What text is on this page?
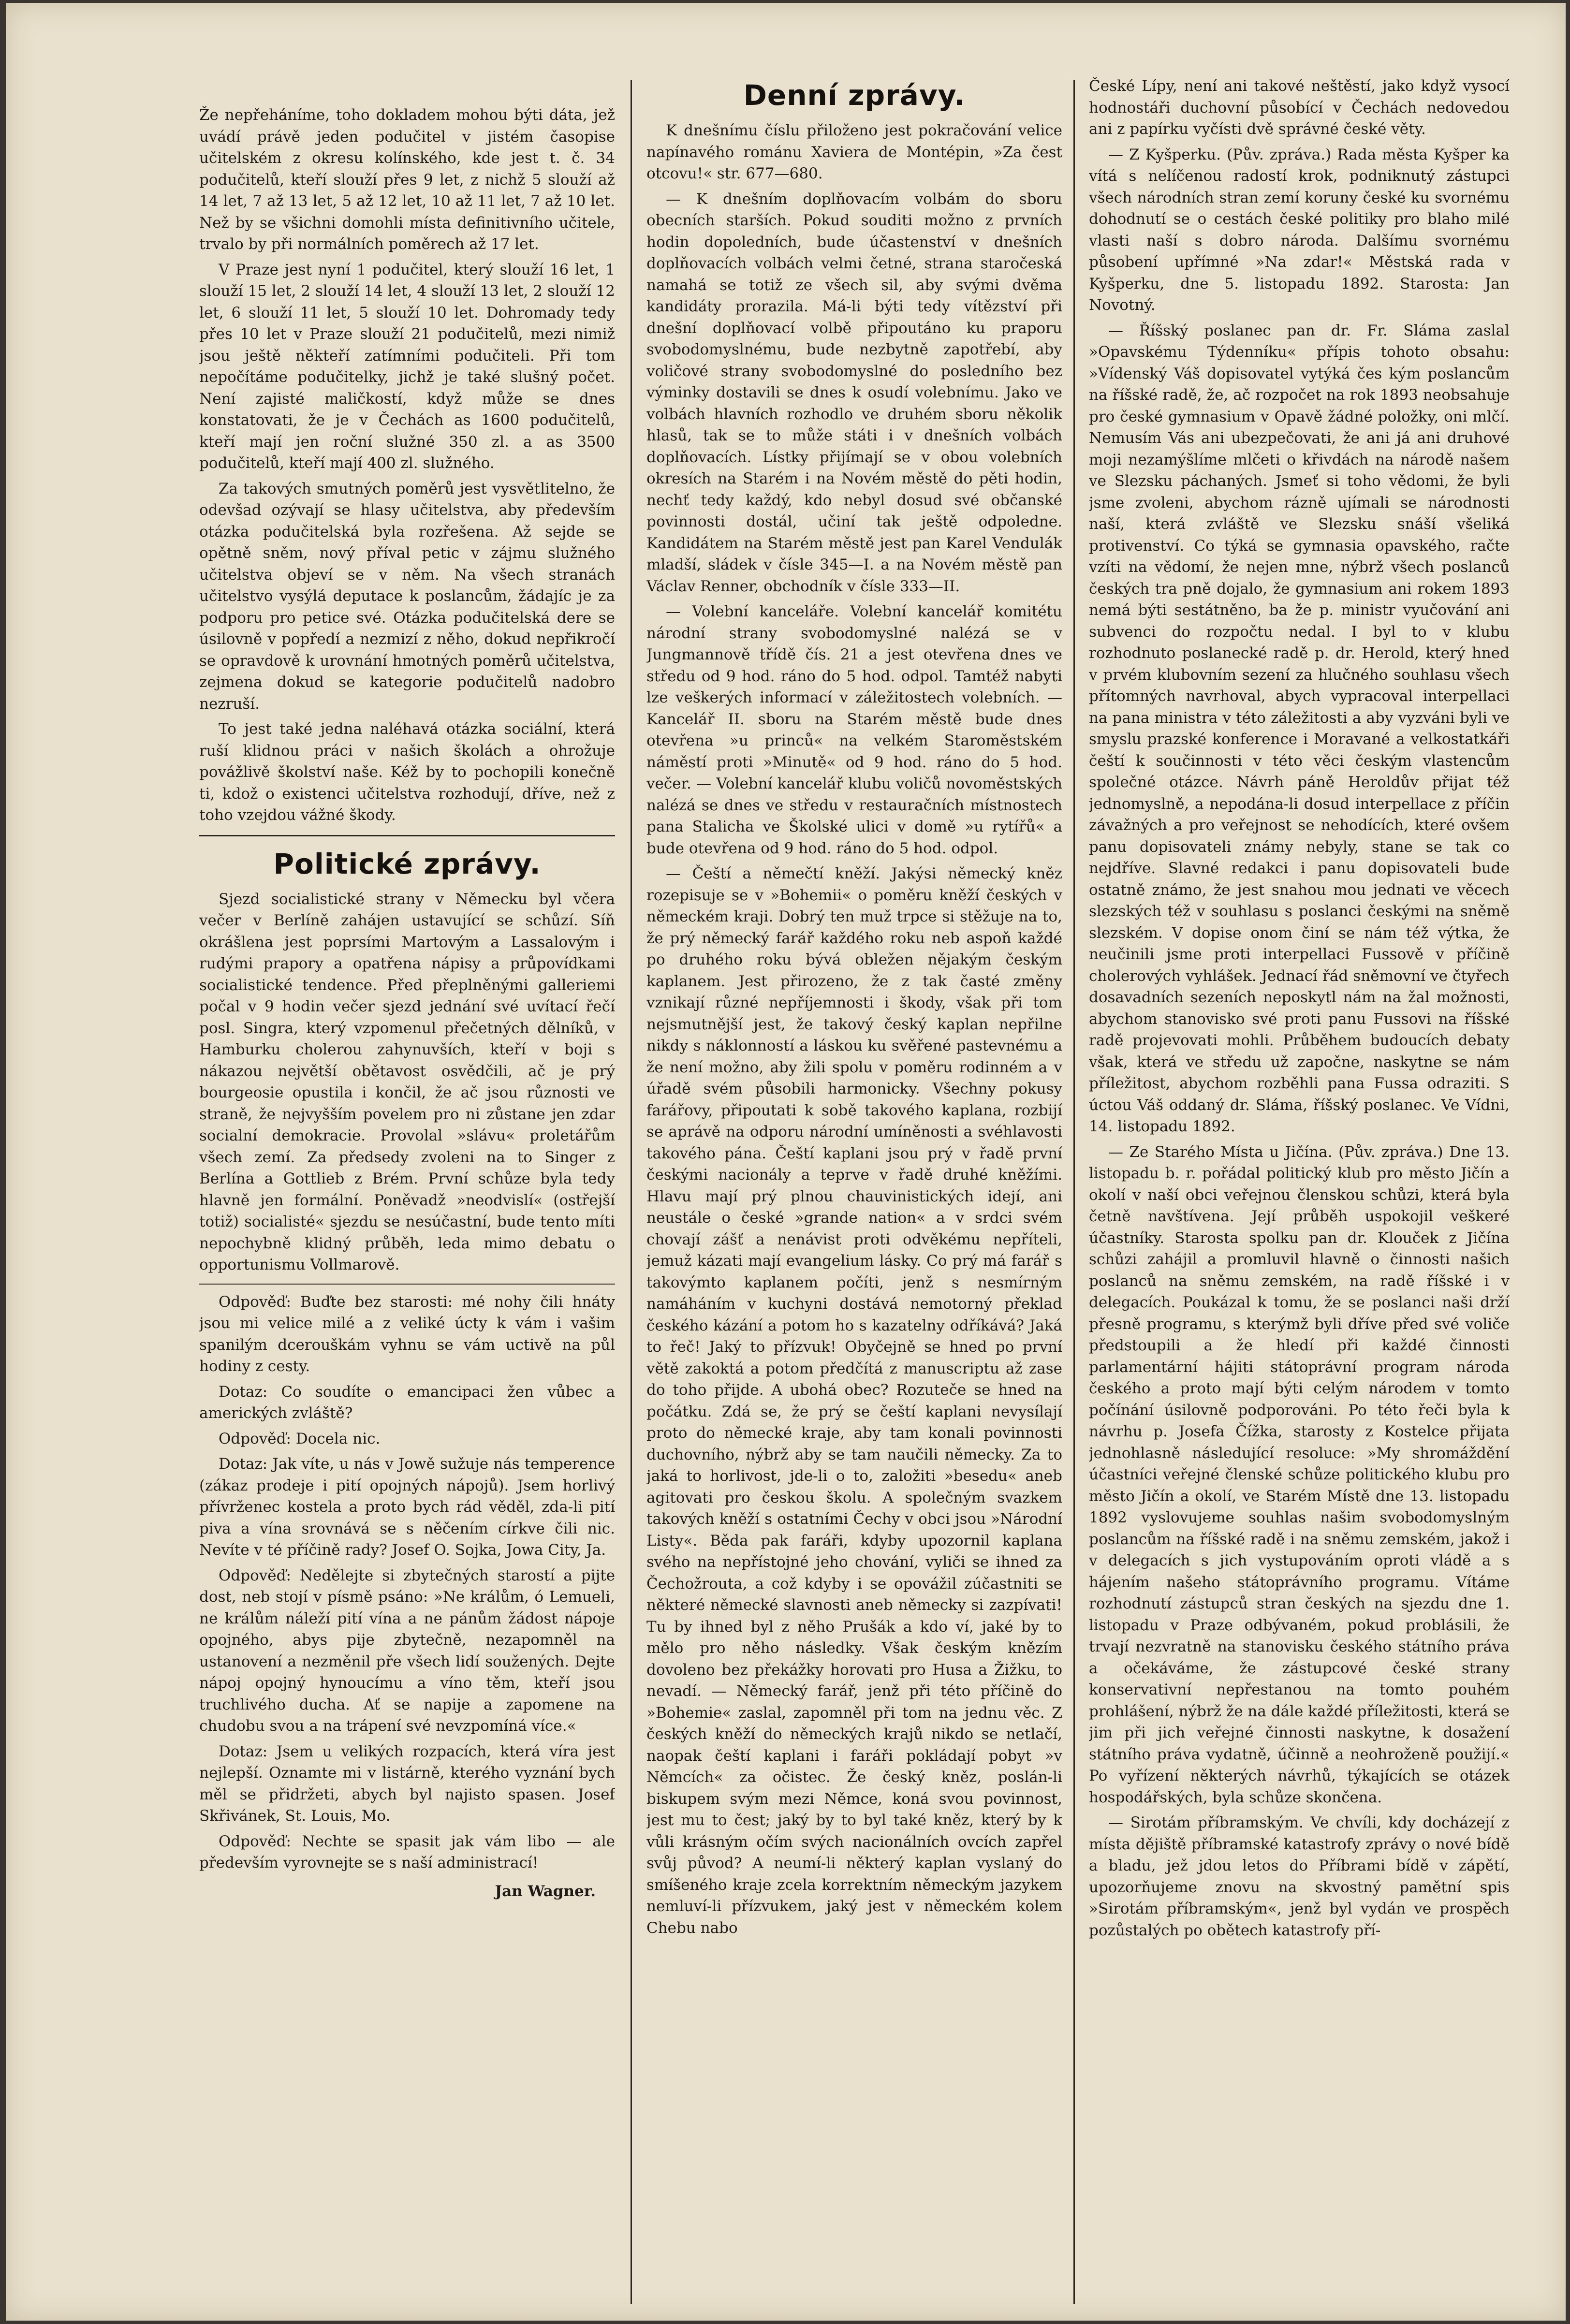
Že nepřeháníme, toho dokladem mohou býti dáta, jež uvádí právě jeden podučitel v jistém časopise učitelském z okresu kolínského, kde jest t. č. 34 podučitelů, kteří slouží přes 9 let, z nichž 5 slouží až 14 let, 7 až 13 let, 5 až 12 let, 10 až 11 let, 7 až 10 let. Než by se všichni domohli místa definitivního učitele, trvalo by při normálních poměrech až 17 let.

V Praze jest nyní 1 podučitel, který slouží 16 let, 1 slouží 15 let, 2 slouží 14 let, 4 slouží 13 let, 2 slouží 12 let, 6 slouží 11 let, 5 slouží 10 let. Dohromady tedy přes 10 let v Praze slouží 21 podučitelů, mezi nimiž jsou ještě někteří zatímními podučiteli. Při tom nepočítáme podučitelky, jichž je také slušný počet. Není zajisté maličkostí, když může se dnes konstatovati, že je v Čechách as 1600 podučitelů, kteří mají jen roční služné 350 zl. a as 3500 podučitelů, kteří mají 400 zl. služného.

Za takových smutných poměrů jest vysvětlitelno, že odevšad ozývají se hlasy učitelstva, aby především otázka podučitelská byla rozřešena. Až sejde se opětně sněm, nový příval petic v zájmu služného učitelstva objeví se v něm. Na všech stranách učitelstvo vysýlá deputace k poslancům, žádajíc je za podporu pro petice své. Otázka podučitelská dere se úsilovně v popředí a nezmizí z něho, dokud nepřikročí se opravdově k urovnání hmotných poměrů učitelstva, zejmena dokud se kategorie podučitelů nadobro nezruší.

To jest také jedna naléhavá otázka sociální, která ruší klidnou práci v našich školách a ohrožuje povážlivě školství naše. Kéž by to pochopili konečně ti, kdož o existenci učitelstva rozhodují, dříve, než z toho vzejdou vážné škody.

Politické zprávy.

Sjezd socialistické strany v Německu byl včera večer v Berlíně zahájen ustavující se schůzí. Síň okrášlena jest poprsími Martovým a Lassalovým i rudými prapory a opatřena nápisy a průpovídkami socialistické tendence. Před přeplněnými galleriemi počal v 9 hodin večer sjezd jednání své uvítací řečí posl. Singra, který vzpomenul přečetných dělníků, v Hamburku cholerou zahynuvších, kteří v boji s nákazou největší obětavost osvědčili, ač je prý bourgeosie opustila i končil, že ač jsou různosti ve straně, že nejvyšším povelem pro ni zůstane jen zdar socialní demokracie. Provolal »slávu« proletářům všech zemí. Za předsedy zvoleni na to Singer z Berlína a Gottlieb z Brém. První schůze byla tedy hlavně jen formální. Poněvadž »neodvislí« (ostřejší totiž) socialisté« sjezdu se nesúčastní, bude tento míti nepochybně klidný průběh, leda mimo debatu o opportunismu Vollmarově.

Odpověď: Buďte bez starosti: mé nohy čili hnáty jsou mi velice milé a z veliké úcty k vám i vašim spanilým dcerouškám vyhnu se vám uctivě na půl hodiny z cesty.

Dotaz: Co soudíte o emancipaci žen vůbec a amerických zvláště?

Odpověď: Docela nic.

Dotaz: Jak víte, u nás v Jowě sužuje nás temperence (zákaz prodeje i pití opojných nápojů). Jsem horlivý přívrženec kostela a proto bych rád věděl, zda-li pití piva a vína srovnává se s něčením církve čili nic. Nevíte v té příčině rady? Josef O. Sojka, Jowa City, Ja.

Odpověď: Nedělejte si zbytečných starostí a pijte dost, neb stojí v písmě psáno: »Ne králům, ó Lemueli, ne králům náleží pití vína a ne pánům žádost nápoje opojného, abys pije zbytečně, nezapomněl na ustanovení a nezměnil pře všech lidí soužených. Dejte nápoj opojný hynoucímu a víno těm, kteří jsou truchlivého ducha. Ať se napije a zapomene na chudobu svou a na trápení své nevzpomíná více.«

Dotaz: Jsem u velikých rozpacích, která víra jest nejlepší. Oznamte mi v listárně, kterého vyznání bych měl se přidržeti, abych byl najisto spasen. Josef Skřivánek, St. Louis, Mo.

Odpověď: Nechte se spasit jak vám libo — ale především vyrovnejte se s naší administrací!

Jan Wagner.
Denní zprávy.

K dnešnímu číslu přiloženo jest pokračování velice napínavého románu Xaviera de Montépin, »Za čest otcovu!« str. 677—680.

— K dnešním doplňovacím volbám do sboru obecních starších. Pokud souditi možno z prvních hodin dopoledních, bude účastenství v dnešních doplňovacích volbách velmi četné, strana staročeská namahá se totiž ze všech sil, aby svými dvěma kandidáty prorazila. Má-li býti tedy vítězství při dnešní doplňovací volbě připoutáno ku praporu svobodomyslnému, bude nezbytně zapotřebí, aby voličové strany svobodomyslné do posledního bez výminky dostavili se dnes k osudí volebnímu. Jako ve volbách hlavních rozhodlo ve druhém sboru několik hlasů, tak se to může státi i v dnešních volbách doplňovacích. Lístky přijímají se v obou volebních okresích na Starém i na Novém městě do pěti hodin, nechť tedy každý, kdo nebyl dosud své občanské povinnosti dostál, učiní tak ještě odpoledne. Kandidátem na Starém městě jest pan Karel Vendulák mladší, sládek v čísle 345—I. a na Novém městě pan Václav Renner, obchodník v čísle 333—II.

— Volební kanceláře. Volební kancelář komitétu národní strany svobodomyslné nalézá se v Jungmannově třídě čís. 21 a jest otevřena dnes ve středu od 9 hod. ráno do 5 hod. odpol. Tamtéž nabyti lze veškerých informací v záležitostech volebních. — Kancelář II. sboru na Starém městě bude dnes otevřena »u princů« na velkém Staroměstském náměstí proti »Minutě« od 9 hod. ráno do 5 hod. večer. — Volební kancelář klubu voličů novoměstských nalézá se dnes ve středu v restauračních místnostech pana Stalicha ve Školské ulici v domě »u rytířů« a bude otevřena od 9 hod. ráno do 5 hod. odpol.

— Čeští a němečtí kněží. Jakýsi německý kněz rozepisuje se v »Bohemii« o poměru kněží českých v německém kraji. Dobrý ten muž trpce si stěžuje na to, že prý německý farář každého roku neb aspoň každé po druhého roku bývá obležen nějakým českým kaplanem. Jest přirozeno, že z tak časté změny vznikají různé nepříjemnosti i škody, však při tom nejsmutnější jest, že takový český kaplan nepřilne nikdy s náklonností a láskou ku svěřené pastevnému a že není možno, aby žili spolu v poměru rodinném a v úřadě svém působili harmonicky. Všechny pokusy farářovy, připoutati k sobě takového kaplana, rozbijí se aprávě na odporu národní umíněnosti a svéhlavosti takového pána. Čeští kaplani jsou prý v řadě první českými nacionály a teprve v řadě druhé kněžími. Hlavu mají prý plnou chauvinistických idejí, ani neustále o české »grande nation« a v srdci svém chovají zášť a nenávist proti odvěkému nepříteli, jemuž kázati mají evangelium lásky. Co prý má farář s takovýmto kaplanem počíti, jenž s nesmírným namáháním v kuchyni dostává nemotorný překlad českého kázání a potom ho s kazatelny odříkává? Jaká to řeč! Jaký to přízvuk! Obyčejně se hned po první větě zakoktá a potom předčítá z manuscriptu až zase do toho přijde. A ubohá obec? Rozuteče se hned na počátku. Zdá se, že prý se čeští kaplani nevysílají proto do německé kraje, aby tam konali povinnosti duchovního, nýbrž aby se tam naučili německy. Za to jaká to horlivost, jde-li o to, založiti »besedu« aneb agitovati pro českou školu. A společným svazkem takových kněží s ostatními Čechy v obci jsou »Národní Listy«. Běda pak faráři, kdyby upozornil kaplana svého na nepřístojné jeho chování, vyliči se ihned za Čechožrouta, a což kdyby i se opovážil zúčastniti se některé německé slavnosti aneb německy si zazpívati! Tu by ihned byl z něho Prušák a kdo ví, jaké by to mělo pro něho následky. Však českým knězím dovoleno bez překážky horovati pro Husa a Žižku, to nevadí. — Německý farář, jenž při této příčině do »Bohemie« zaslal, zapomněl při tom na jednu věc. Z českých kněží do německých krajů nikdo se netlačí, naopak čeští kaplani i faráři pokládají pobyt »v Němcích« za očistec. Že český kněz, poslán-li biskupem svým mezi Němce, koná svou povinnost, jest mu to čest; jaký by to byl také kněz, který by k vůli krásným očím svých nacionálních ovcích zapřel svůj původ? A neumí-li některý kaplan vyslaný do smíšeného kraje zcela korrektním německým jazykem nemluví-li přízvukem, jaký jest v německém kolem Chebu nabo

České Lípy, není ani takové neštěstí, jako když vysocí hodnostáři duchovní působící v Čechách nedovedou ani z papírku vyčísti dvě správné české věty.

— Z Kyšperku. (Pův. zpráva.) Rada města Kyšper ka vítá s nelíčenou radostí krok, podniknutý zástupci všech národních stran zemí koruny české ku svornému dohodnutí se o cestách české politiky pro blaho milé vlasti naší s dobro národa. Dalšímu svornému působení upřímné »Na zdar!« Městská rada v Kyšperku, dne 5. listopadu 1892. Starosta: Jan Novotný.

— Říšský poslanec pan dr. Fr. Sláma zaslal »Opavskému Týdenníku« přípis tohoto obsahu: »Vídenský Váš dopisovatel vytýká čes kým poslancům na říšské radě, že, ač rozpočet na rok 1893 neobsahuje pro české gymnasium v Opavě žádné položky, oni mlčí. Nemusím Vás ani ubezpečovati, že ani já ani druhové moji nezamýšlíme mlčeti o křivdách na národě našem ve Slezsku páchaných. Jsmeť si toho vědomi, že byli jsme zvoleni, abychom rázně ujímali se národnosti naší, která zvláště ve Slezsku snáší všeliká protivenství. Co týká se gymnasia opavského, račte vzíti na vědomí, že nejen mne, nýbrž všech poslanců českých tra pně dojalo, že gymnasium ani rokem 1893 nemá býti sestátněno, ba že p. ministr vyučování ani subvenci do rozpočtu nedal. I byl to v klubu rozhodnuto poslanecké radě p. dr. Herold, který hned v prvém klubovním sezení za hlučného souhlasu všech přítomných navrhoval, abych vypracoval interpellaci na pana ministra v této záležitosti a aby vyzváni byli ve smyslu prazské konference i Moravané a velkostatkáři čeští k součinnosti v této věci českým vlastencům společné otázce. Návrh páně Heroldův přijat též jednomyslně, a nepodána-li dosud interpellace z příčin závažných a pro veřejnost se nehodících, které ovšem panu dopisovateli známy nebyly, stane se tak co nejdříve. Slavné redakci i panu dopisovateli bude ostatně známo, že jest snahou mou jednati ve věcech slezských též v souhlasu s poslanci českými na sněmě slezském. V dopise onom činí se nám též výtka, že neučinili jsme proti interpellaci Fussově v příčině cholerových vyhlášek. Jednací řád sněmovní ve čtyřech dosavadních sezeních neposkytl nám na žal možnosti, abychom stanovisko své proti panu Fussovi na říšské radě projevovati mohli. Průběhem budoucích debaty však, která ve středu už započne, naskytne se nám příležitost, abychom rozběhli pana Fussa odraziti. S úctou Váš oddaný dr. Sláma, říšský poslanec. Ve Vídni, 14. listopadu 1892.

— Ze Starého Místa u Jičína. (Pův. zpráva.) Dne 13. listopadu b. r. pořádal politický klub pro město Jičín a okolí v naší obci veřejnou členskou schůzi, která byla četně navštívena. Její průběh uspokojil veškeré účastníky. Starosta spolku pan dr. Klouček z Jičína schůzi zahájil a promluvil hlavně o činnosti našich poslanců na sněmu zemském, na radě říšské i v delegacích. Poukázal k tomu, že se poslanci naši drží přesně programu, s kterýmž byli dříve před své voliče předstoupili a že hledí při každé činnosti parlamentární hájiti státoprávní program národa českého a proto mají býti celým národem v tomto počínání úsilovně podporováni. Po této řeči byla k návrhu p. Josefa Čížka, starosty z Kostelce přijata jednohlasně následující resoluce: »My shromáždění účastníci veřejné členské schůze politického klubu pro město Jičín a okolí, ve Starém Místě dne 13. listopadu 1892 vyslovujeme souhlas našim svobodomyslným poslancům na říšské radě i na sněmu zemském, jakož i v delegacích s jich vystupováním oproti vládě a s hájením našeho státoprávního programu. Vítáme rozhodnutí zástupců stran českých na sjezdu dne 1. listopadu v Praze odbývaném, pokud problásili, že trvají nezvratně na stanovisku českého státního práva a očekáváme, že zástupcové české strany konservativní nepřestanou na tomto pouhém prohlášení, nýbrž že na dále každé příležitosti, která se jim při jich veřejné činnosti naskytne, k dosažení státního práva vydatně, účinně a neohroženě použijí.« Po vyřízení některých návrhů, týkajících se otázek hospodářských, byla schůze skončena.

— Sirotám příbramským. Ve chvíli, kdy docházejí z místa dějiště příbramské katastrofy zprávy o nové bídě a bladu, jež jdou letos do Příbrami bídě v zápětí, upozorňujeme znovu na skvostný pamětní spis »Sirotám příbramským«, jenž byl vydán ve prospěch pozůstalých po obětech katastrofy pří-
